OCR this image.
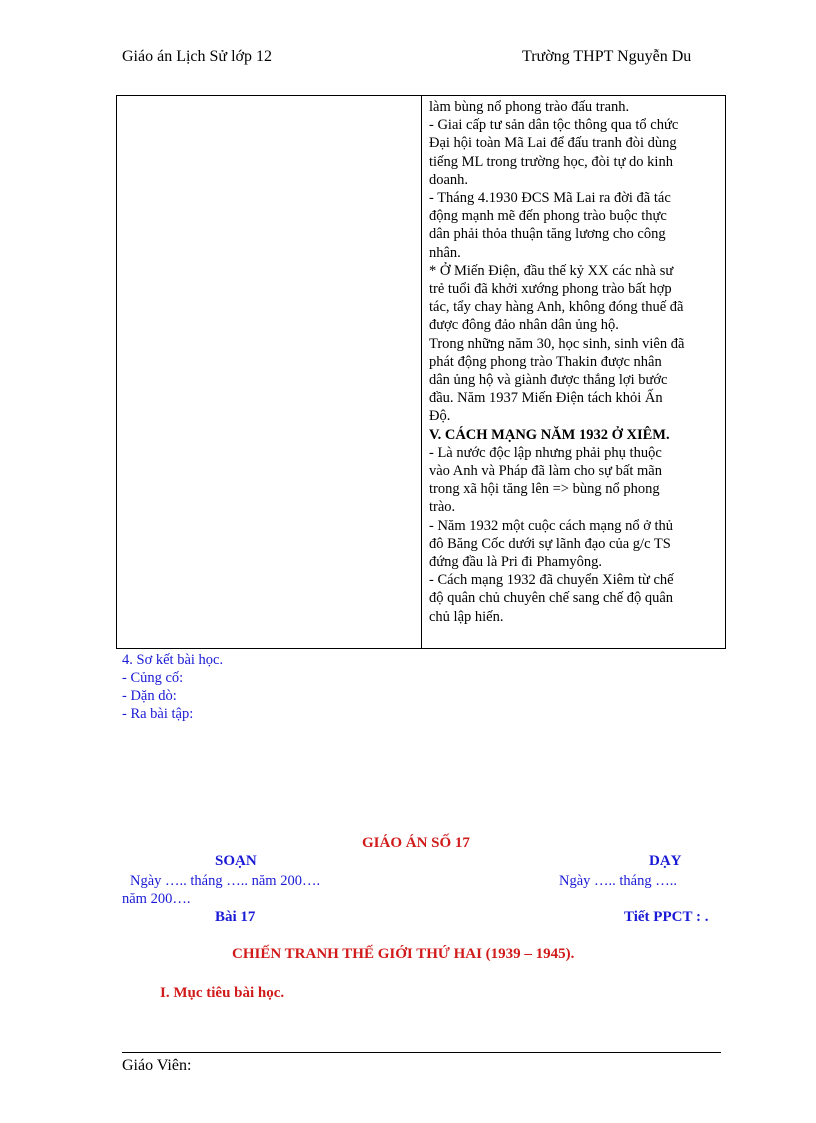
Giáo án Lịch Sử lớp 12	Trường THPT Nguyễn Du
làm bùng nổ phong trào đấu tranh.
- Giai cấp tư sản dân tộc thông qua tổ chức
Đại hội toàn Mã Lai để đấu tranh đòi dùng
tiếng ML trong trường học, đòi tự do kinh
doanh.
- Tháng 4.1930 ĐCS Mã Lai ra đời đã tác
động mạnh mẽ đến phong trào buộc thực
dân phải thỏa thuận tăng lương cho công
nhân.
* Ở Miến Điện, đầu thế kỷ XX các nhà sư
trẻ tuổi đã khởi xướng phong trào bất hợp
tác, tẩy chay hàng Anh, không đóng thuế đã
được đông đảo nhân dân ủng hộ.
Trong những năm 30, học sinh, sinh viên đã
phát động phong trào Thakin được nhân
dân ủng hộ và giành được thắng lợi bước
đầu. Năm 1937 Miến Điện tách khỏi Ấn
Độ.
V. CÁCH MẠNG NĂM 1932 Ở XIÊM.
- Là nước độc lập nhưng phải phụ thuộc
vào Anh và Pháp đã làm cho sự bất mãn
trong xã hội tăng lên => bùng nổ phong
trào.
- Năm 1932 một cuộc cách mạng nổ ở thủ
đô Băng Cốc dưới sự lãnh đạo của g/c TS
đứng đầu là Pri đi Phamyông.
- Cách mạng 1932 đã chuyển Xiêm từ chế
độ quân chủ chuyên chế sang chế độ quân
chủ lập hiến.
4. Sơ kết bài học.
- Củng cố:
- Dặn dò:
- Ra bài tập:
GIÁO ÁN SỐ 17
SOẠN	DẠY
Ngày ….. tháng ….. năm 200….	Ngày ….. tháng …..
năm 200….
Bài 17	Tiết PPCT : .
CHIẾN TRANH THẾ GIỚI THỨ HAI (1939 – 1945).
I. Mục tiêu bài học.
Giáo Viên:
